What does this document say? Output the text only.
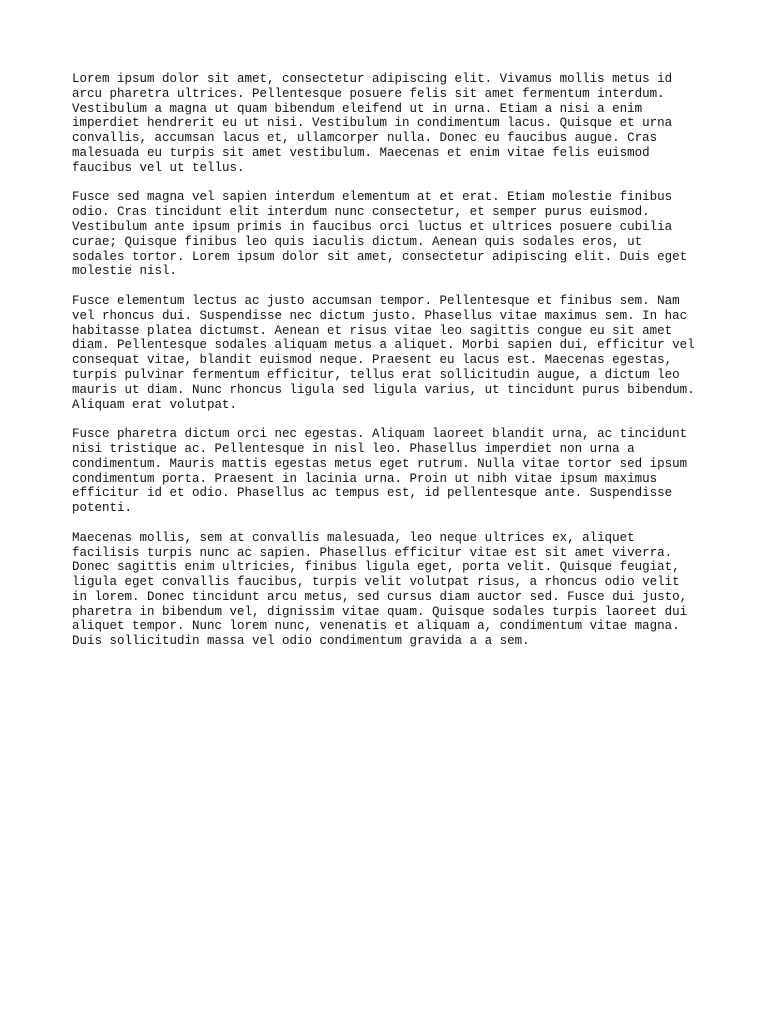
Lorem ipsum dolor sit amet, consectetur adipiscing elit. Vivamus mollis metus id
arcu pharetra ultrices. Pellentesque posuere felis sit amet fermentum interdum.
Vestibulum a magna ut quam bibendum eleifend ut in urna. Etiam a nisi a enim
imperdiet hendrerit eu ut nisi. Vestibulum in condimentum lacus. Quisque et urna
convallis, accumsan lacus et, ullamcorper nulla. Donec eu faucibus augue. Cras
malesuada eu turpis sit amet vestibulum. Maecenas et enim vitae felis euismod
faucibus vel ut tellus.

Fusce sed magna vel sapien interdum elementum at et erat. Etiam molestie finibus
odio. Cras tincidunt elit interdum nunc consectetur, et semper purus euismod.
Vestibulum ante ipsum primis in faucibus orci luctus et ultrices posuere cubilia
curae; Quisque finibus leo quis iaculis dictum. Aenean quis sodales eros, ut
sodales tortor. Lorem ipsum dolor sit amet, consectetur adipiscing elit. Duis eget
molestie nisl.

Fusce elementum lectus ac justo accumsan tempor. Pellentesque et finibus sem. Nam
vel rhoncus dui. Suspendisse nec dictum justo. Phasellus vitae maximus sem. In hac
habitasse platea dictumst. Aenean et risus vitae leo sagittis congue eu sit amet
diam. Pellentesque sodales aliquam metus a aliquet. Morbi sapien dui, efficitur vel
consequat vitae, blandit euismod neque. Praesent eu lacus est. Maecenas egestas,
turpis pulvinar fermentum efficitur, tellus erat sollicitudin augue, a dictum leo
mauris ut diam. Nunc rhoncus ligula sed ligula varius, ut tincidunt purus bibendum.
Aliquam erat volutpat.

Fusce pharetra dictum orci nec egestas. Aliquam laoreet blandit urna, ac tincidunt
nisi tristique ac. Pellentesque in nisl leo. Phasellus imperdiet non urna a
condimentum. Mauris mattis egestas metus eget rutrum. Nulla vitae tortor sed ipsum
condimentum porta. Praesent in lacinia urna. Proin ut nibh vitae ipsum maximus
efficitur id et odio. Phasellus ac tempus est, id pellentesque ante. Suspendisse
potenti.

Maecenas mollis, sem at convallis malesuada, leo neque ultrices ex, aliquet
facilisis turpis nunc ac sapien. Phasellus efficitur vitae est sit amet viverra.
Donec sagittis enim ultricies, finibus ligula eget, porta velit. Quisque feugiat,
ligula eget convallis faucibus, turpis velit volutpat risus, a rhoncus odio velit
in lorem. Donec tincidunt arcu metus, sed cursus diam auctor sed. Fusce dui justo,
pharetra in bibendum vel, dignissim vitae quam. Quisque sodales turpis laoreet dui
aliquet tempor. Nunc lorem nunc, venenatis et aliquam a, condimentum vitae magna.
Duis sollicitudin massa vel odio condimentum gravida a a sem.
